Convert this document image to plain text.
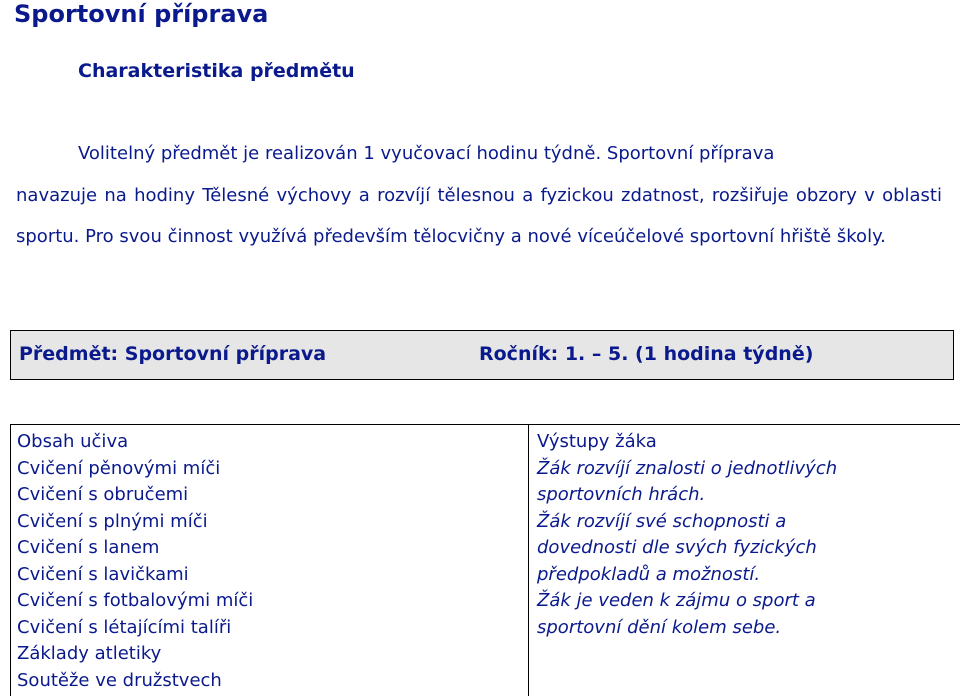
Sportovní příprava
Charakteristika předmětu

Volitelný předmět je realizován 1 vyučovací hodinu týdně. Sportovní příprava
navazuje na hodiny Tělesné výchovy a rozvíjí tělesnou a fyzickou zdatnost, rozšiřuje obzory v oblasti sportu. Pro svou činnost využívá především tělocvičny a nové víceúčelové sportovní hřiště školy.

Předmět: Sportovní příprava	Ročník: 1. – 5. (1 hodina týdně)
Obsah učiva
Cvičení pěnovými míči
Cvičení s obručemi
Cvičení s plnými míči
Cvičení s lanem
Cvičení s lavičkami
Cvičení s fotbalovými míči
Cvičení s létajícími talíři
Základy atletiky
Soutěže ve družstvech
Výstupy žáka
Žák rozvíjí znalosti o jednotlivých
sportovních hrách.
Žák rozvíjí své schopnosti a
dovednosti dle svých fyzických
předpokladů a možností.
Žák je veden k zájmu o sport a
sportovní dění kolem sebe.
